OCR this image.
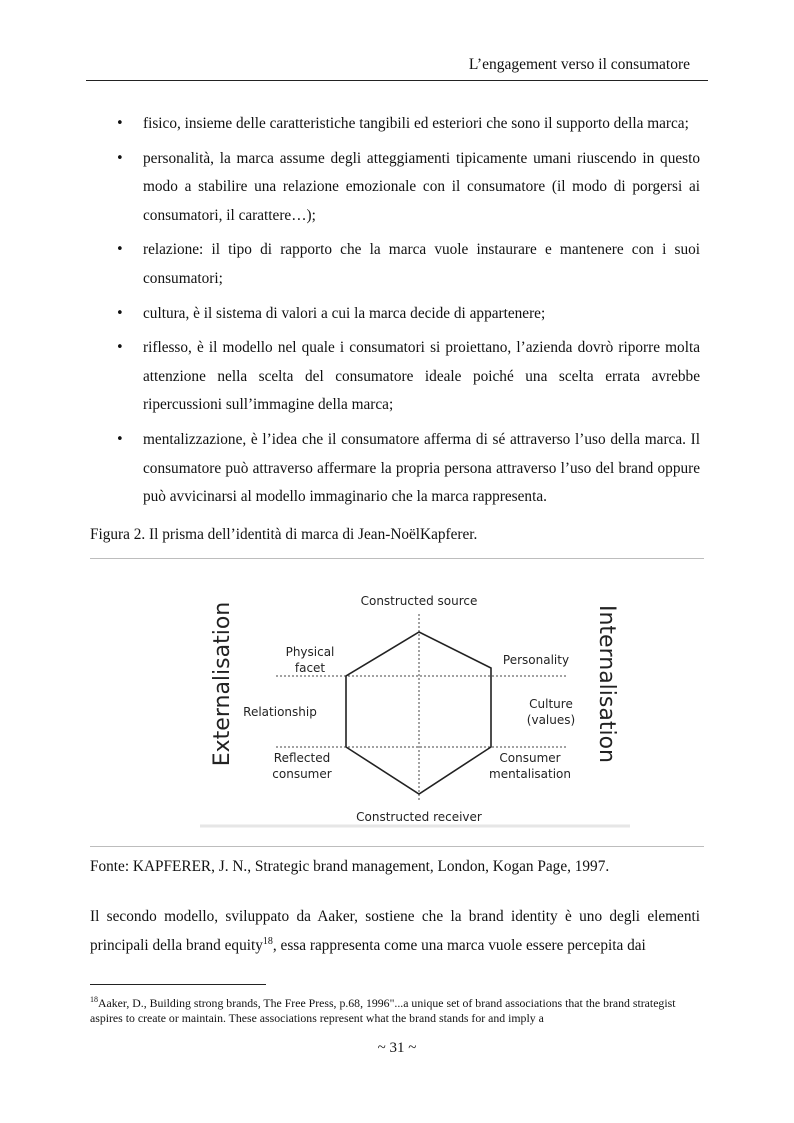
L’engagement verso il consumatore
• fisico, insieme delle caratteristiche tangibili ed esteriori che sono il supporto della marca;
• personalità, la marca assume degli atteggiamenti tipicamente umani riuscendo in questo modo a stabilire una relazione emozionale con il consumatore (il modo di porgersi ai consumatori, il carattere…);
• relazione: il tipo di rapporto che la marca vuole instaurare e mantenere con i suoi consumatori;
• cultura, è il sistema di valori a cui la marca decide di appartenere;
• riflesso, è il modello nel quale i consumatori si proiettano, l’azienda dovrò riporre molta attenzione nella scelta del consumatore ideale poiché una scelta errata avrebbe ripercussioni sull’immagine della marca;
• mentalizzazione, è l’idea che il consumatore afferma di sé attraverso l’uso della marca. Il consumatore può attraverso affermare la propria persona attraverso l’uso del brand oppure può avvicinarsi al modello immaginario che la marca rappresenta.
Figura 2. Il prisma dell’identità di marca di Jean-NoëlKapferer.
Constructed source
Constructed receiver
Physical
facet
Personality
Relationship
Culture
(values)
Reflected
consumer
Consumer
mentalisation
Externalisation	Internalisation
Fonte: KAPFERER, J. N., Strategic brand management, London, Kogan Page, 1997.
Il secondo modello, sviluppato da Aaker, sostiene che la brand identity è uno degli elementi principali della brand equity$^{18}$, essa rappresenta come una marca vuole essere percepita dai
$^{18}$Aaker, D., Building strong brands, The Free Press, p.68, 1996"...a unique set of brand associations that the brand strategist aspires to create or maintain. These associations represent what the brand stands for and imply a
~ 31 ~
